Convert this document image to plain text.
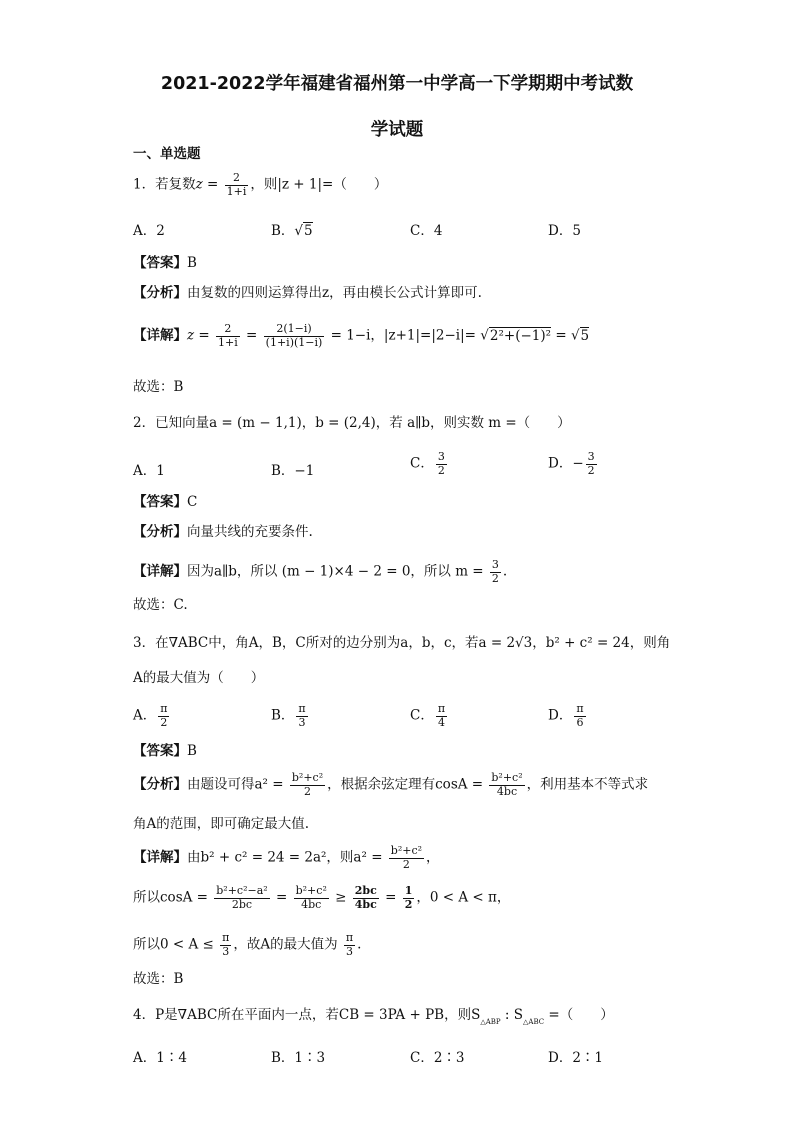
2021-2022学年福建省福州第一中学高一下学期期中考试数
学试题
一、单选题
1．若复数$z = \frac{2}{1+i}$ ，则|z + 1|=（　　）
A．2	B．√5	C．4	D．5
【答案】B
【分析】由复数的四则运算得出z，再由模长公式计算即可.
【详解】$z = \frac{2}{1+i} = \frac{2(1-i)}{(1+i)(1-i)} = 1-i$，|z+1|=|2−i|= √2²+(−1)² = √5
故选：B
2．已知向量a = (m − 1,1)，b = (2,4)，若 a∥b，则实数 m =（　　）
A．1	B．−1	C． $\frac{3}{2}$	D．− $\frac{3}{2}$
【答案】C
【分析】向量共线的充要条件.
【详解】因为a∥b，所以 (m − 1)×4 − 2 = 0，所以 $m = \frac{3}{2}$ .
故选：C.
3．在∇ABC中，角A，B，C所对的边分别为a，b，c，若a = 2√3，b² + c² = 24，则角
A的最大值为（　　）
A． $\frac{\pi}{2}$	B． $\frac{\pi}{3}$	C． $\frac{\pi}{4}$	D． $\frac{\pi}{6}$
【答案】B
【分析】由题设可得$a^2 = \frac{\text{b²+c²}}{2}$ ，根据余弦定理有$\cos A = \frac{\text{b²+c²}}{4bc}$ ，利用基本不等式求
角A的范围，即可确定最大值.
【详解】由b² + c² = 24 = 2a²，则$a^2 = \frac{\text{b²+c²}}{2}$ ，
所以$\cos A = \frac{\text{b²+c²−a²}}{2bc} = \frac{\text{b²+c²}}{4bc} \ge \frac{2bc}{4bc} = \frac{1}{2}$ ，0 < A < π，
所以$0 < A \le \frac{\pi}{3}$ ，故A的最大值为 $\frac{\pi}{3}$ .
故选：B
4．P是∇ABC所在平面内一点，若CB = 3PA + PB，则$S_{\triangle ABP}$ : $S_{\triangle ABC}$ =（　　）
A．1∶4	B．1∶3	C．2∶3	D．2∶1
